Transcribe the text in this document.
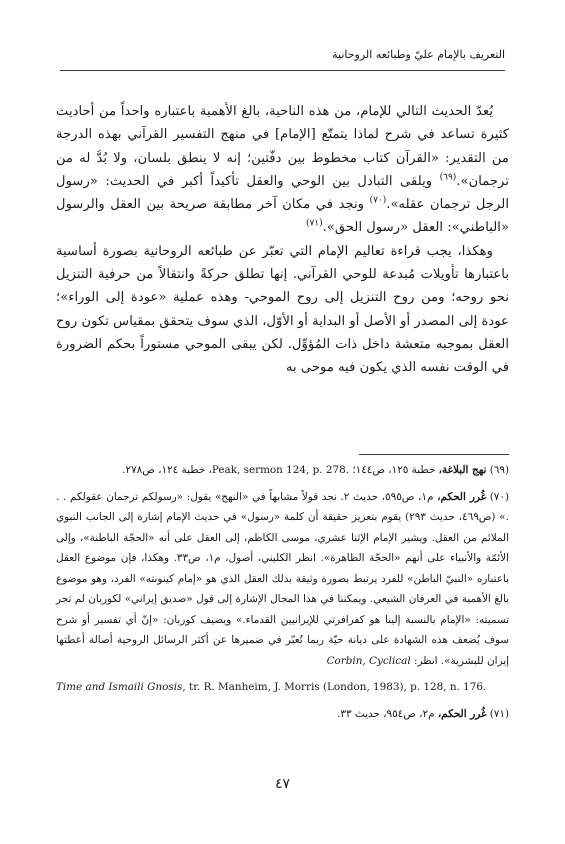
التعريف بالإمام عليّ وطبائعه الروحانية

يُعدّ الحديث التالي للإمام، من هذه الناحية، بالغ الأهمية باعتباره واحداً من أحاديث كثيرة تساعد في شرح لماذا يتمتّع [الإمام] في منهج التفسير القرآني بهذه الدرجة من التقدير: «القرآن كتاب مخطوط بين دفّتين؛ إنه لا ينطق بلسان، ولا بُدَّ له من ترجمان».$^{(٦٩)}$ ويلقى التبادل بين الوحي والعقل تأكيداً أكبر في الحديث: «رسول الرجل ترجمان عقله».$^{(٧٠)}$ ونجد في مكان آخر مطابقة صريحة بين العقل والرسول «الباطني»: العقل «رسول الحق».$^{(٧١)}$

وهكذا، يجب قراءة تعاليم الإمام التي تعبّر عن طبائعه الروحانية بصورة أساسية باعتبارها تأويلات مُبدعة للوحي القرآني. إنها تطلق حركةً وانتقالاً من حرفية التنزيل نحو روحه؛ ومن روح التنزيل إلى روح الموحي- وهذه عملية «عودة إلى الوراء»؛ عودة إلى المصدر أو الأصل أو البداية أو الأوّل، الذي سوف يتحقق بمقياس تكون روح العقل بموجبه متعشة داخل ذات المُؤوِّل. لكن يبقى الموحي مستوراً بحكم الضرورة في الوقت نفسه الذي يكون فيه موحى به

(٦٩) نهج البلاغة، خطبة ١٢٥، ص١٤٤؛ .Peak, sermon 124, p. 278، خطبة ١٢٤، ص٢٧٨.

(٧٠) غُرر الحكم، م١، ص٥٩٥، حديث ٢. نجد قولاً مشابهاً في «النهج» يقول: «رسولكم ترجمان عقولكم . . .» (ص٤٦٩، حديث ٢٩٣) يقوم بتعزيز حقيقة أن كلمة «رسول» في حديث الإمام إشارة إلى الجانب النبوي الملائم من العقل. ويشير الإمام الإثنا عشري، موسى الكاظم، إلى العقل على أنه «الحجّة الباطنة»، وإلى الأئمّة والأنبياء على أنهم «الحجّة الظاهرة». انظر الكليني، أصول، م١، ص٣٣. وهكذا، فإن موضوع العقل باعتباره «النبيّ الباطن» للفرد يرتبط بصورة وثيقة بذلك العقل الذي هو «إمام كينونته» الفرد، وهو موضوع بالغ الأهمية في العرفان الشيعي. ويمكننا في هذا المجال الإشارة إلى قول «صديق إيراني» لكوربان لم تجر تسميته: «الإمام بالنسبة إلينا هو كفرافرتي للإيرانيين القدماء.» ويضيف كوربان: «إنّ أي تفسير أو شرح سوف يُضعف هذه الشهادة على ديانة حيّة ربما تُعبّر في ضميرها عن أكثر الرسائل الروحية أصالة أعطتها إيران للبشرية». انظر: Corbin, Cyclical

Time and Ismaili Gnosis, tr. R. Manheim, J. Morris (London, 1983), p. 128, n. 176.

(٧١) غُرر الحكم، م٢، ص٩٥٤، حديث ٣٣.

٤٧
